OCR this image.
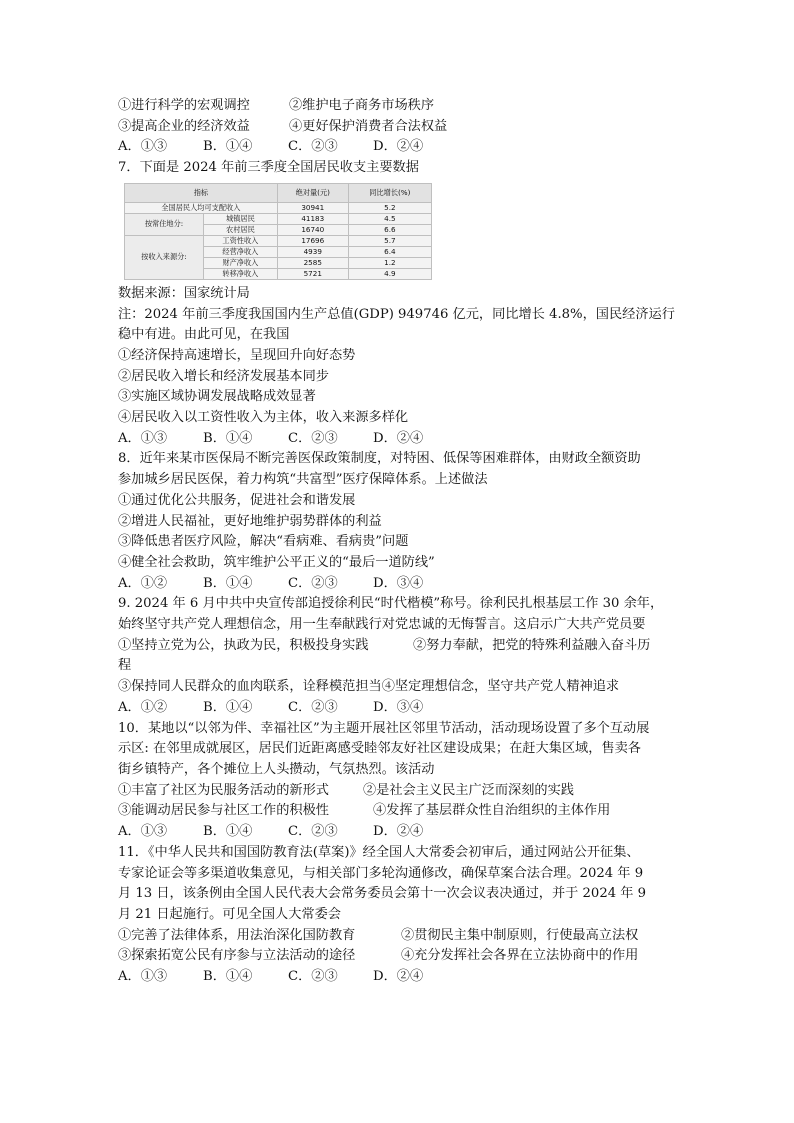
①进行科学的宏观调控	②维护电子商务市场秩序
③提高企业的经济效益	④更好保护消费者合法权益
A．①③	B．①④	C．②③	D．②④
7．下面是 2024 年前三季度全国居民收支主要数据
指标		绝对量(元)	同比增长(%)
全国居民人均可支配收入		30941	5.2
按常住地分:	城镇居民	41183	4.5
	农村居民	16740	6.6
按收入来源分:	工资性收入	17696	5.7
	经营净收入	4939	6.4
	财产净收入	2585	1.2
	转移净收入	5721	4.9
数据来源：国家统计局
注：2024 年前三季度我国国内生产总值(GDP) 949746 亿元，同比增长 4.8%，国民经济运行
稳中有进。由此可见，在我国
①经济保持高速增长，呈现回升向好态势
②居民收入增长和经济发展基本同步
③实施区域协调发展战略成效显著
④居民收入以工资性收入为主体，收入来源多样化
A．①③	B．①④	C．②③	D．②④
8．近年来某市医保局不断完善医保政策制度，对特困、低保等困难群体，由财政全额资助
参加城乡居民医保，着力构筑“共富型”医疗保障体系。上述做法
①通过优化公共服务，促进社会和谐发展
②增进人民福祉，更好地维护弱势群体的利益
③降低患者医疗风险，解决“看病难、看病贵”问题
④健全社会救助，筑牢维护公平正义的“最后一道防线”
A．①②	B．①④	C．②③	D．③④
9. 2024 年 6 月中共中央宣传部追授徐利民“时代楷模”称号。徐利民扎根基层工作 30 余年，
始终坚守共产党人理想信念，用一生奉献践行对党忠诚的无悔誓言。这启示广大共产党员要
①坚持立党为公，执政为民，积极投身实践	②努力奉献，把党的特殊利益融入奋斗历
程
③保持同人民群众的血肉联系，诠释模范担当④坚定理想信念，坚守共产党人精神追求
A．①②	B．①④	C．②③	D．③④
10．某地以“以邻为伴、幸福社区”为主题开展社区邻里节活动，活动现场设置了多个互动展
示区: 在邻里成就展区，居民们近距离感受睦邻友好社区建设成果；在赶大集区域，售卖各
街乡镇特产，各个摊位上人头攒动，气氛热烈。该活动
①丰富了社区为民服务活动的新形式	②是社会主义民主广泛而深刻的实践
③能调动居民参与社区工作的积极性	④发挥了基层群众性自治组织的主体作用
A．①③	B．①④	C．②③	D．②④
11．《中华人民共和国国防教育法(草案)》经全国人大常委会初审后，通过网站公开征集、
专家论证会等多渠道收集意见，与相关部门多轮沟通修改，确保草案合法合理。2024 年 9
月 13 日，该条例由全国人民代表大会常务委员会第十一次会议表决通过，并于 2024 年 9
月 21 日起施行。可见全国人大常委会
①完善了法律体系，用法治深化国防教育	②贯彻民主集中制原则，行使最高立法权
③探索拓宽公民有序参与立法活动的途径	④充分发挥社会各界在立法协商中的作用
A．①③	B．①④	C．②③	D．②④
